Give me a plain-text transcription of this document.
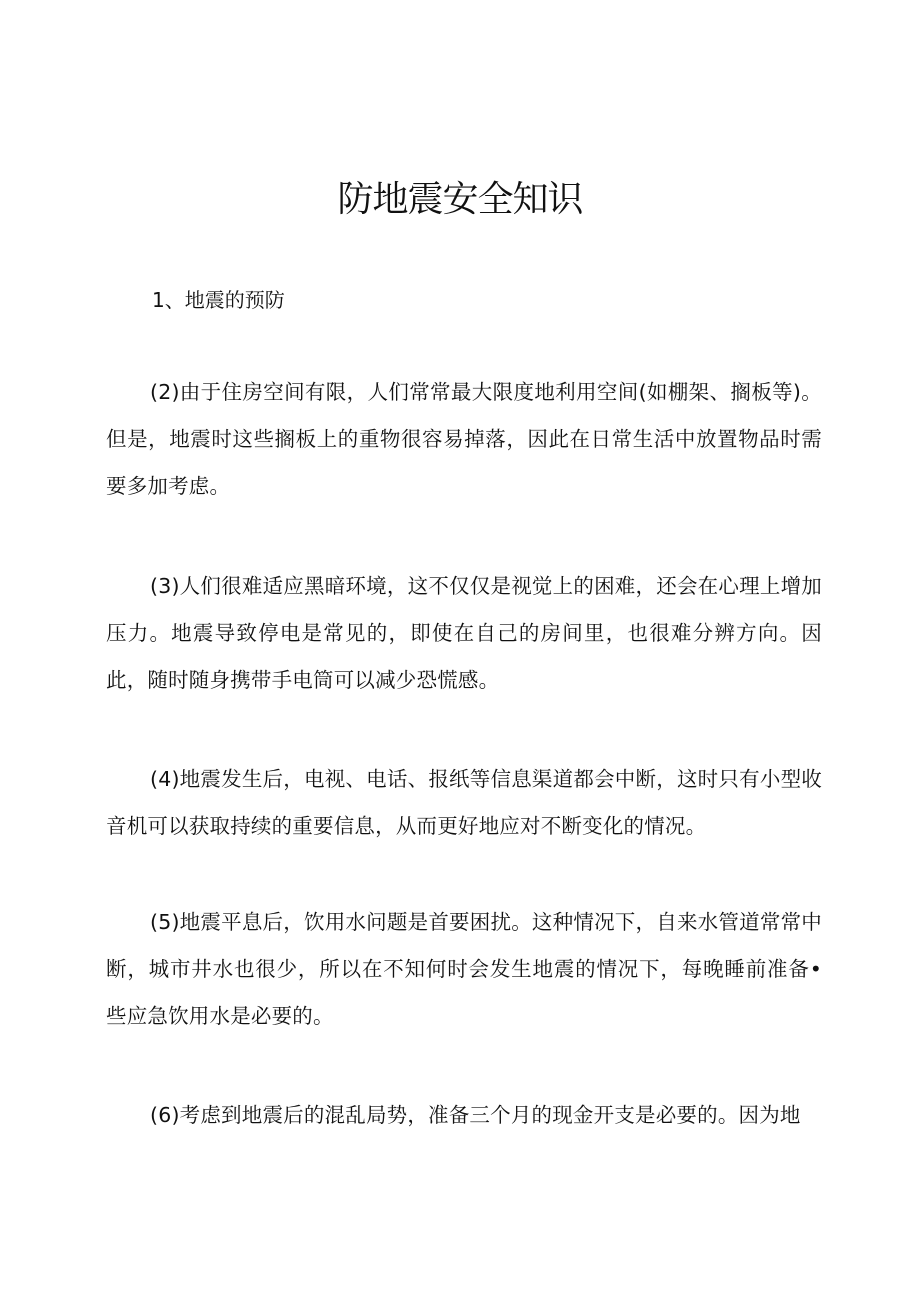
防地震安全知识

1、地震的预防

(2)由于住房空间有限，人们常常最大限度地利用空间(如棚架、搁板等)。但是，地震时这些搁板上的重物很容易掉落，因此在日常生活中放置物品时需要多加考虑。

(3)人们很难适应黑暗环境，这不仅仅是视觉上的困难，还会在心理上增加压力。地震导致停电是常见的，即使在自己的房间里，也很难分辨方向。因此，随时随身携带手电筒可以减少恐慌感。

(4)地震发生后，电视、电话、报纸等信息渠道都会中断，这时只有小型收音机可以获取持续的重要信息，从而更好地应对不断变化的情况。

(5)地震平息后，饮用水问题是首要困扰。这种情况下，自来水管道常常中断，城市井水也很少，所以在不知何时会发生地震的情况下，每晚睡前准备•些应急饮用水是必要的。

(6)考虑到地震后的混乱局势，准备三个月的现金开支是必要的。因为地
